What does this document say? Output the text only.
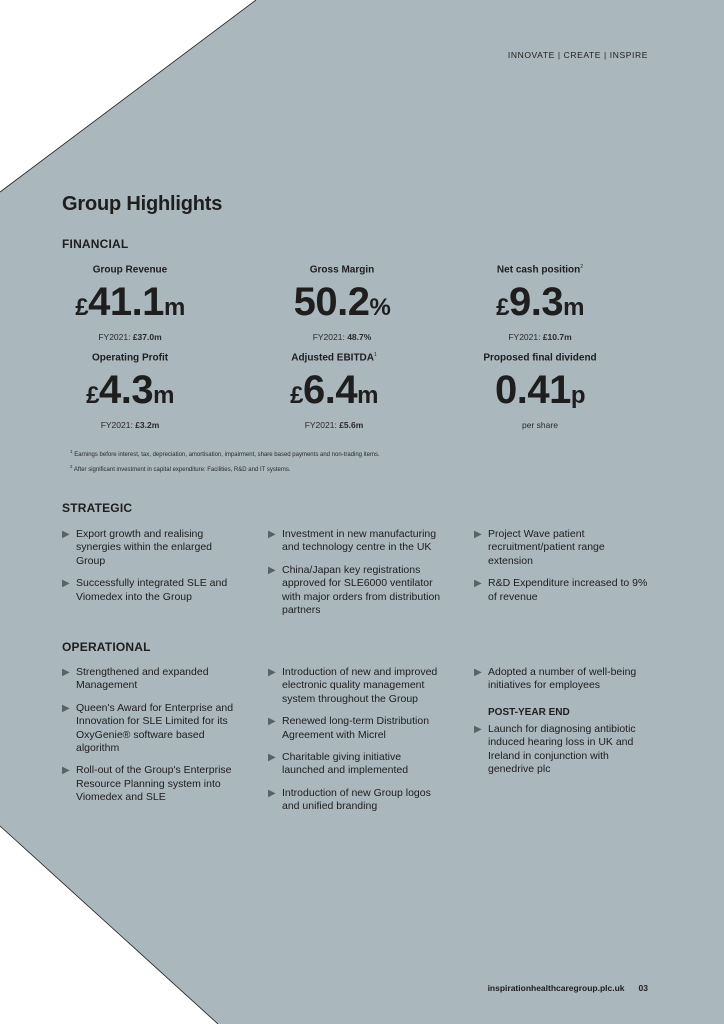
INNOVATE | CREATE | INSPIRE
Group Highlights
FINANCIAL
Group Revenue
£41.1m
FY2021: £37.0m
Gross Margin
50.2%
FY2021: 48.7%
Net cash position$^2$
£9.3m
FY2021: £10.7m
Operating Profit
£4.3m
FY2021: £3.2m
Adjusted EBITDA$^1$
£6.4m
FY2021: £5.6m
Proposed final dividend
0.41p
per share
$^1$ Earnings before interest, tax, depreciation, amortisation, impairment, share based payments and non-trading items.
$^2$ After significant investment in capital expenditure: Facilities, R&D and IT systems.
STRATEGIC
▶ Export growth and realising synergies within the enlarged Group
▶ Successfully integrated SLE and Viomedex into the Group
▶ Investment in new manufacturing and technology centre in the UK
▶ China/Japan key registrations approved for SLE6000 ventilator with major orders from distribution partners
▶ Project Wave patient recruitment/patient range extension
▶ R&D Expenditure increased to 9% of revenue
OPERATIONAL
▶ Strengthened and expanded Management
▶ Queen's Award for Enterprise and Innovation for SLE Limited for its OxyGenie® software based algorithm
▶ Roll-out of the Group's Enterprise Resource Planning system into Viomedex and SLE
▶ Introduction of new and improved electronic quality management system throughout the Group
▶ Renewed long-term Distribution Agreement with Micrel
▶ Charitable giving initiative launched and implemented
▶ Introduction of new Group logos and unified branding
▶ Adopted a number of well-being initiatives for employees
POST-YEAR END
▶ Launch for diagnosing antibiotic induced hearing loss in UK and Ireland in conjunction with genedrive plc
inspirationhealthcaregroup.plc.uk 03
